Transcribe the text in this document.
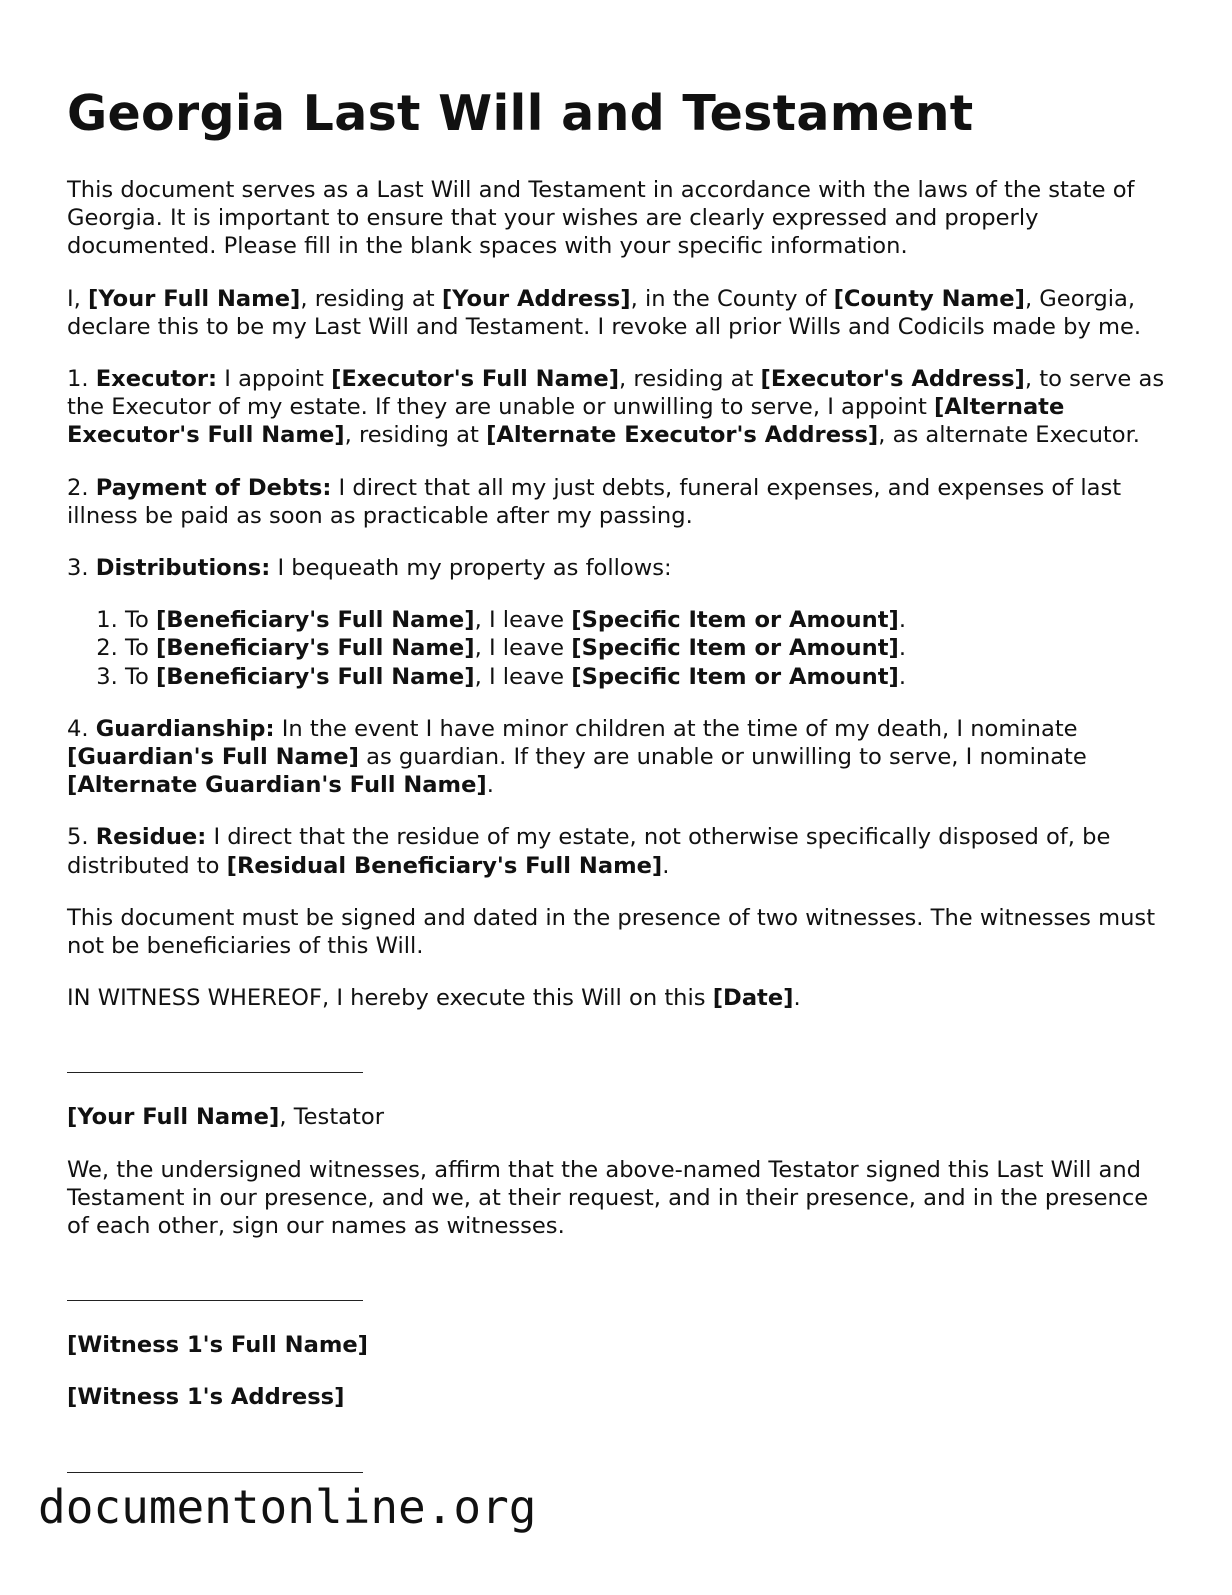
Georgia Last Will and Testament

This document serves as a Last Will and Testament in accordance with the laws of the state of Georgia. It is important to ensure that your wishes are clearly expressed and properly documented. Please fill in the blank spaces with your specific information.

I, [Your Full Name], residing at [Your Address], in the County of [County Name], Georgia, declare this to be my Last Will and Testament. I revoke all prior Wills and Codicils made by me.

1. Executor: I appoint [Executor's Full Name], residing at [Executor's Address], to serve as the Executor of my estate. If they are unable or unwilling to serve, I appoint [Alternate Executor's Full Name], residing at [Alternate Executor's Address], as alternate Executor.

2. Payment of Debts: I direct that all my just debts, funeral expenses, and expenses of last illness be paid as soon as practicable after my passing.

3. Distributions: I bequeath my property as follows:

1. To [Beneficiary's Full Name], I leave [Specific Item or Amount].
2. To [Beneficiary's Full Name], I leave [Specific Item or Amount].
3. To [Beneficiary's Full Name], I leave [Specific Item or Amount].

4. Guardianship: In the event I have minor children at the time of my death, I nominate [Guardian's Full Name] as guardian. If they are unable or unwilling to serve, I nominate [Alternate Guardian's Full Name].

5. Residue: I direct that the residue of my estate, not otherwise specifically disposed of, be distributed to [Residual Beneficiary's Full Name].

This document must be signed and dated in the presence of two witnesses. The witnesses must not be beneficiaries of this Will.

IN WITNESS WHEREOF, I hereby execute this Will on this [Date].

[Your Full Name], Testator

We, the undersigned witnesses, affirm that the above-named Testator signed this Last Will and Testament in our presence, and we, at their request, and in their presence, and in the presence of each other, sign our names as witnesses.

[Witness 1's Full Name]

[Witness 1's Address]

documentonline.org
